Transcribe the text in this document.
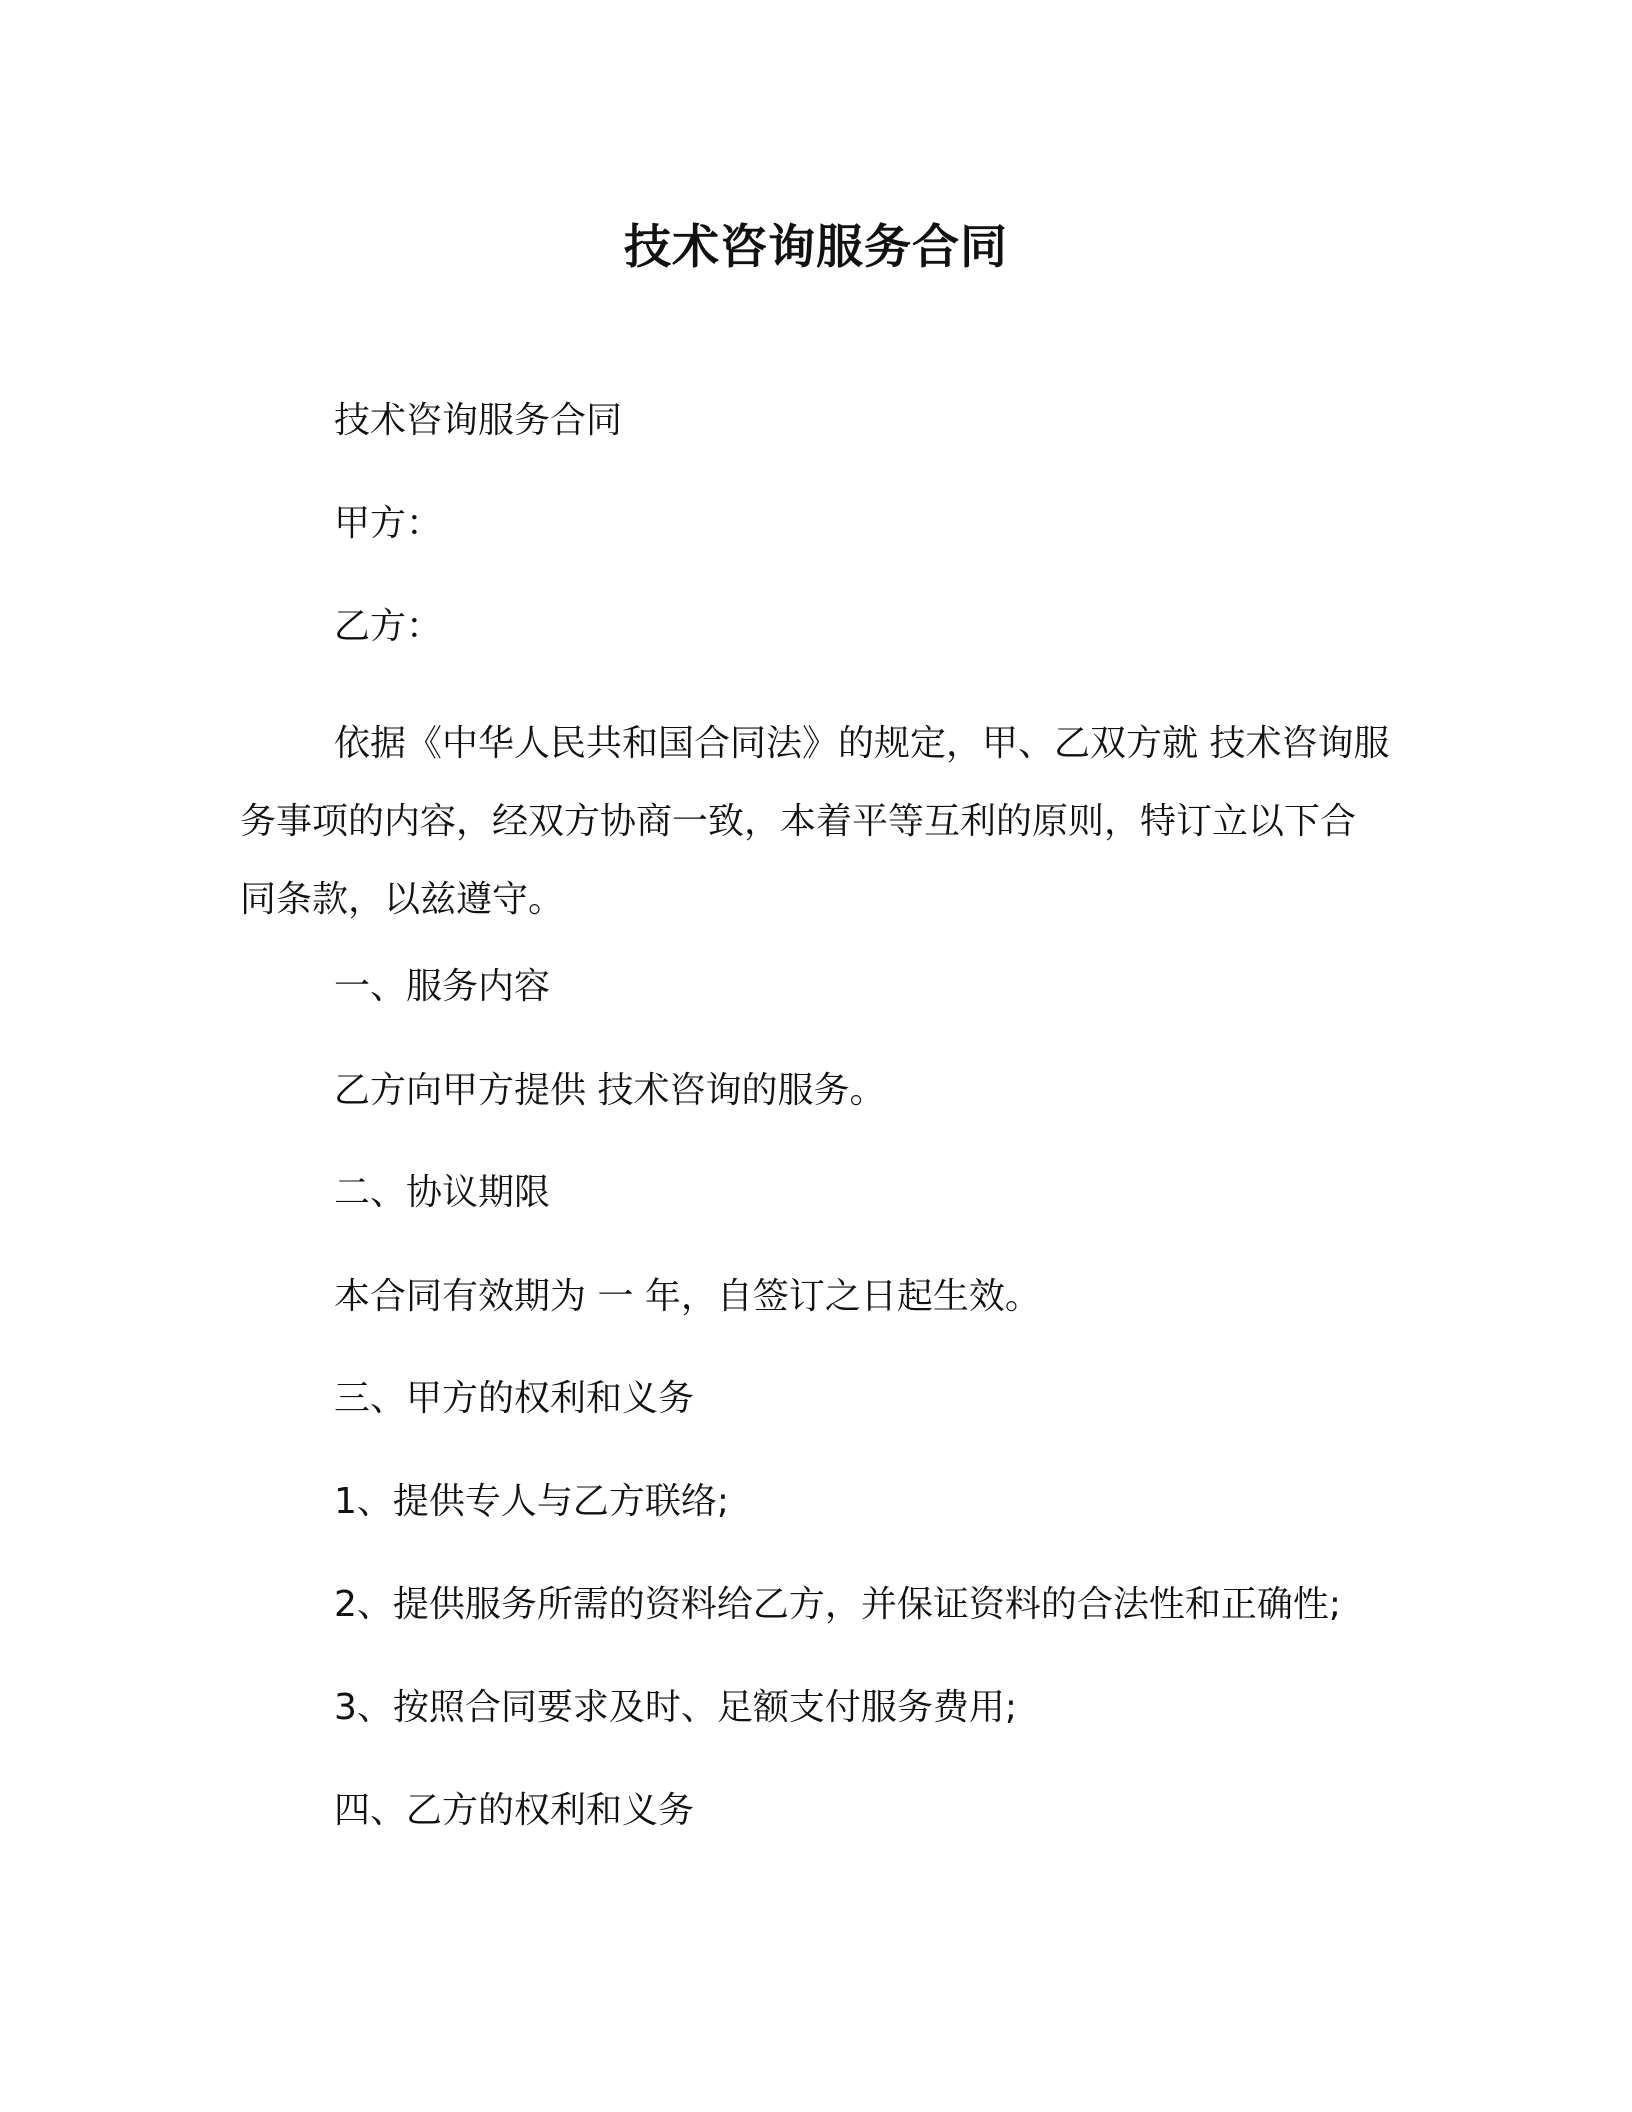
技术咨询服务合同
技术咨询服务合同
甲方：
乙方：
依据《中华人民共和国合同法》的规定，甲、乙双方就 技术咨询服务事项的内容，经双方协商一致，本着平等互利的原则，特订立以下合同条款，以兹遵守。
一、服务内容
乙方向甲方提供 技术咨询的服务。
二、协议期限
本合同有效期为 一 年，自签订之日起生效。
三、甲方的权利和义务
1、提供专人与乙方联络;
2、提供服务所需的资料给乙方，并保证资料的合法性和正确性;
3、按照合同要求及时、足额支付服务费用;
四、乙方的权利和义务
